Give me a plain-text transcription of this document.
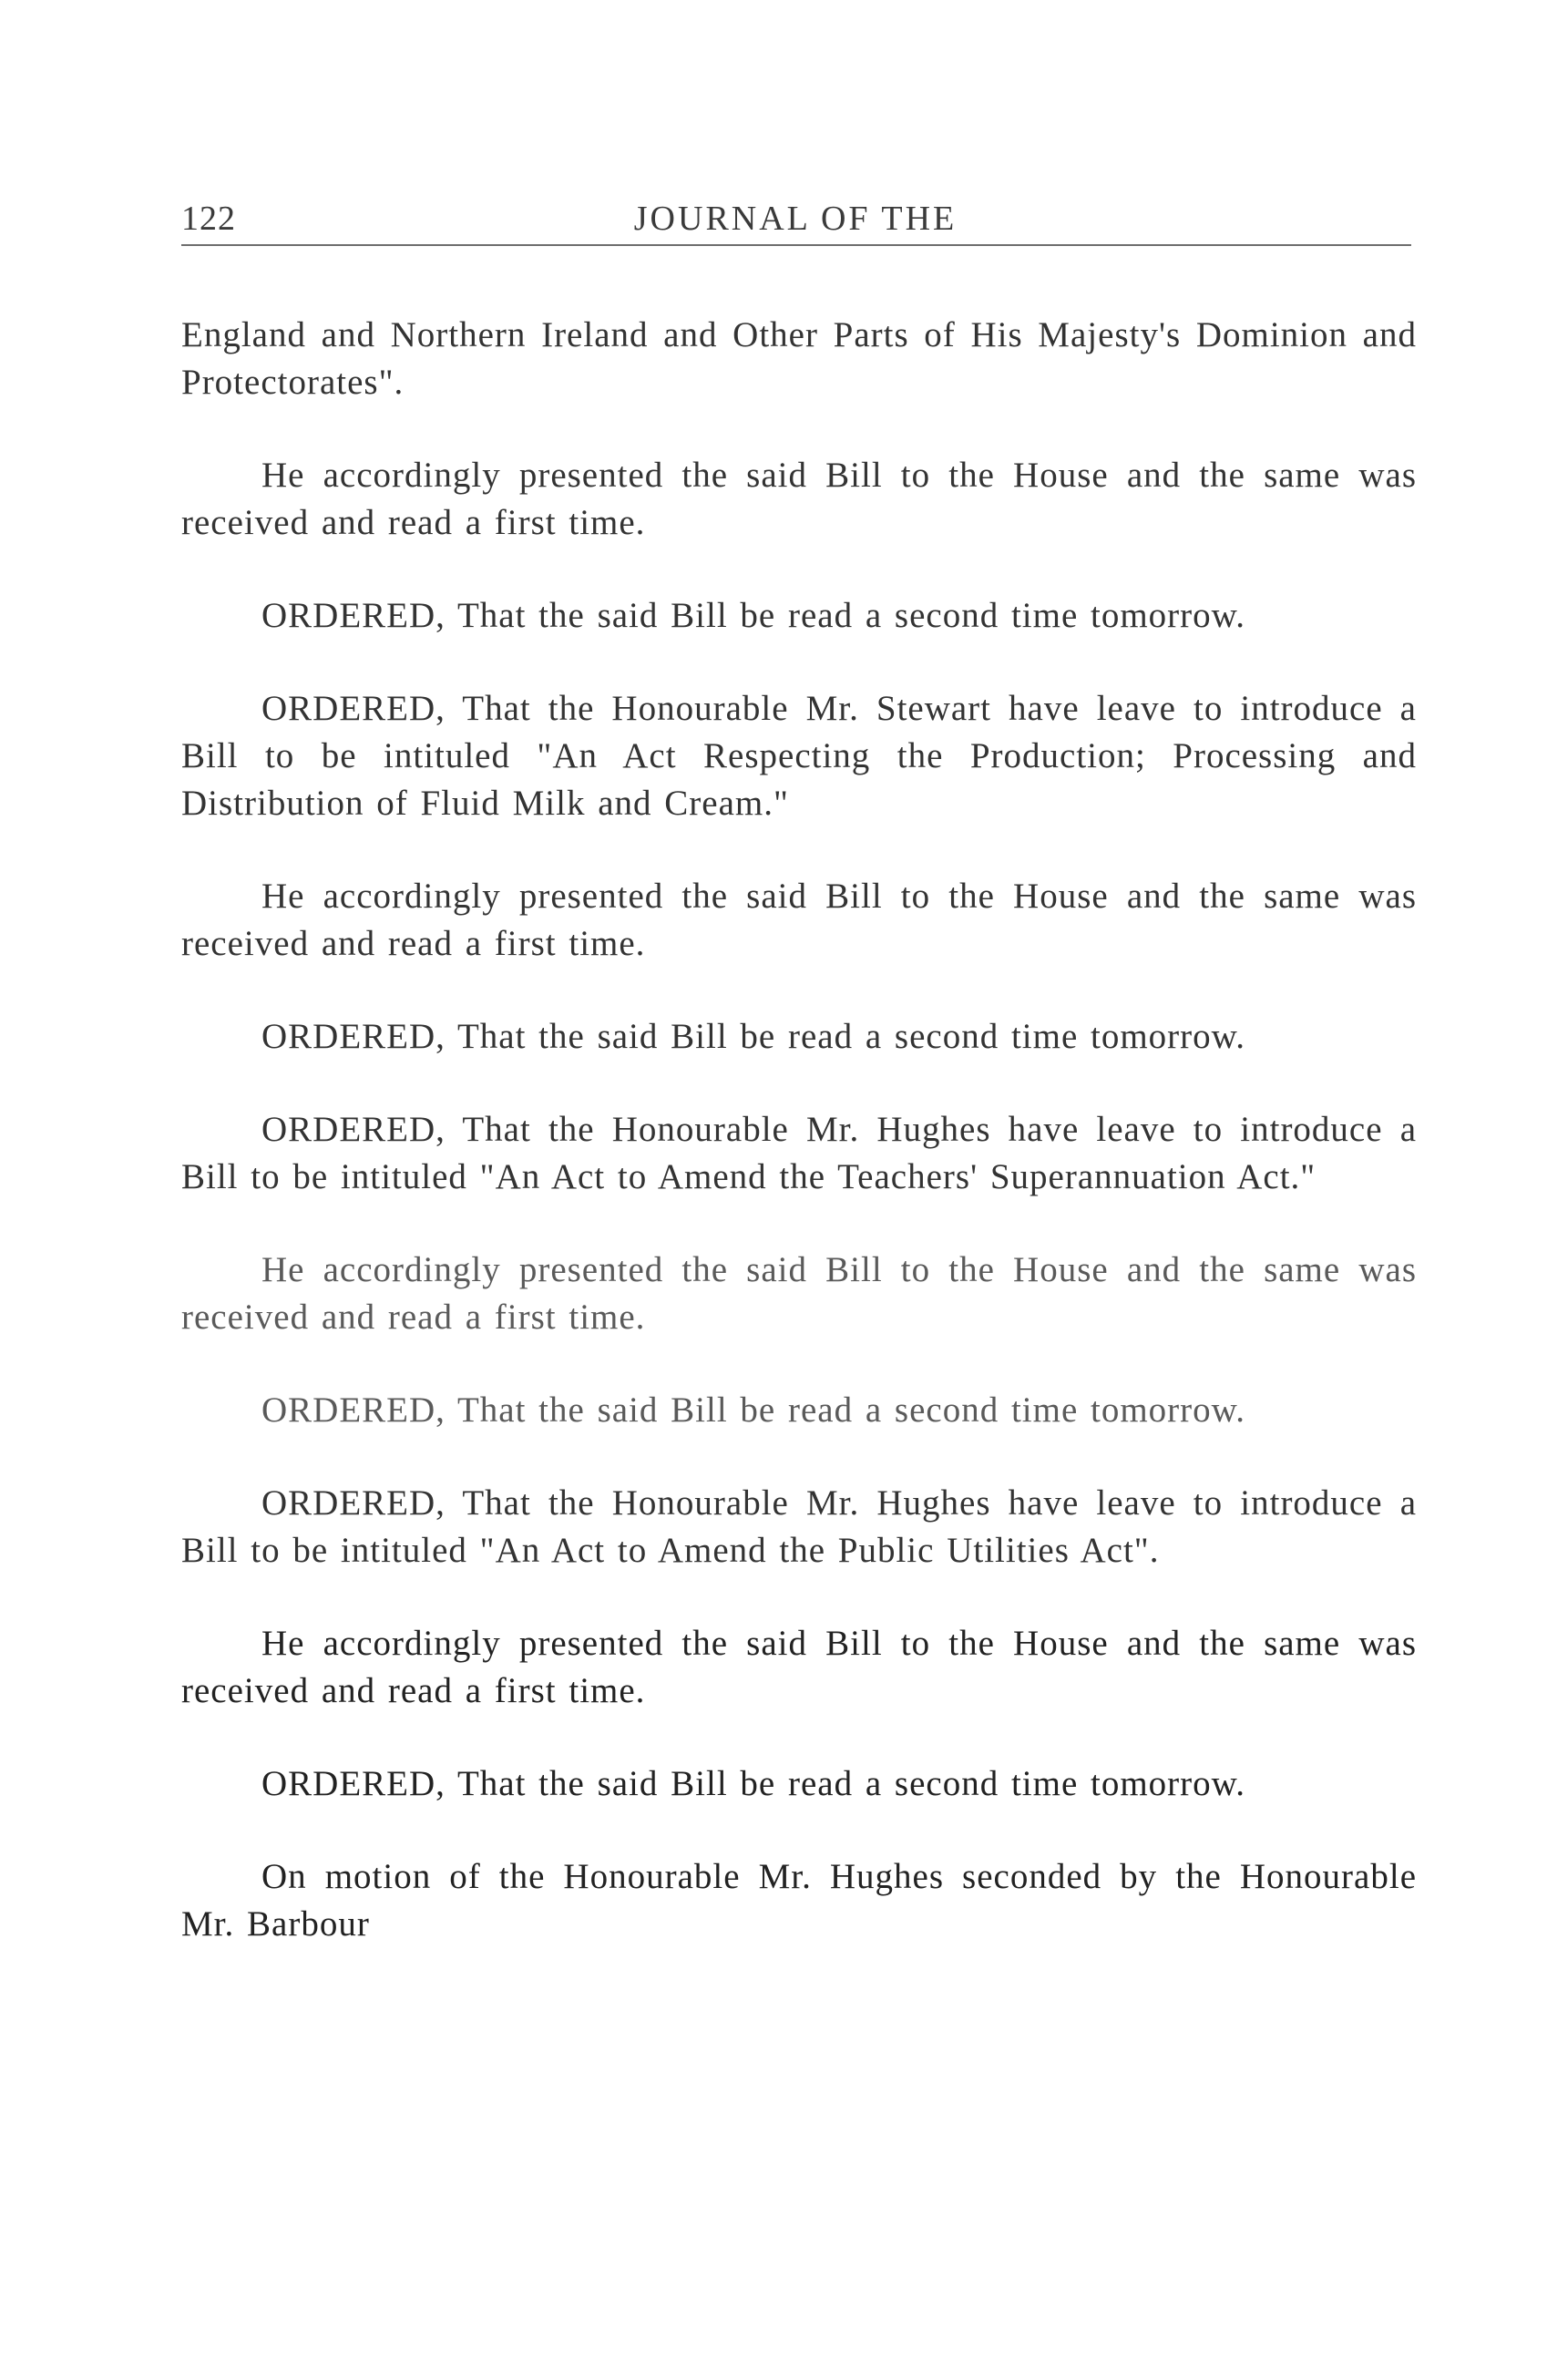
122	JOURNAL OF THE

England and Northern Ireland and Other Parts of His Majesty's Dominion and Protectorates".

He accordingly presented the said Bill to the House and the same was received and read a first time.

ORDERED, That the said Bill be read a second time tomorrow.

ORDERED, That the Honourable Mr. Stewart have leave to introduce a Bill to be intituled "An Act Respecting the Production; Processing and Distribution of Fluid Milk and Cream."

He accordingly presented the said Bill to the House and the same was received and read a first time.

ORDERED, That the said Bill be read a second time tomorrow.

ORDERED, That the Honourable Mr. Hughes have leave to introduce a Bill to be intituled "An Act to Amend the Teachers' Superannuation Act."

He accordingly presented the said Bill to the House and the same was received and read a first time.

ORDERED, That the said Bill be read a second time tomorrow.

ORDERED, That the Honourable Mr. Hughes have leave to introduce a Bill to be intituled "An Act to Amend the Public Utilities Act".

He accordingly presented the said Bill to the House and the same was received and read a first time.

ORDERED, That the said Bill be read a second time tomorrow.

On motion of the Honourable Mr. Hughes seconded by the Honourable Mr. Barbour
